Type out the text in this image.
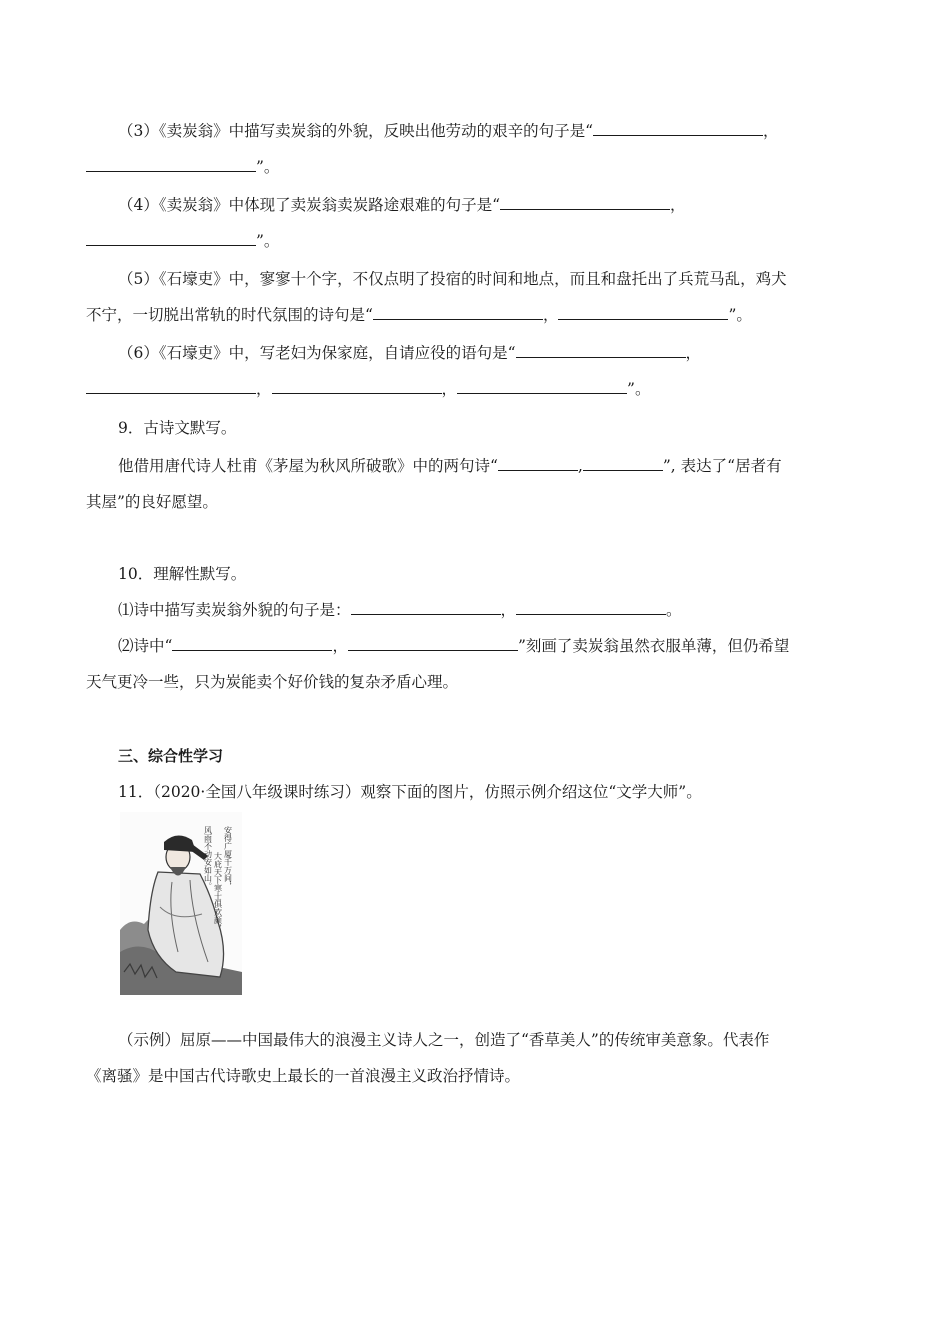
（3）《卖炭翁》中描写卖炭翁的外貌，反映出他劳动的艰辛的句子是“	，
”。
（4）《卖炭翁》中体现了卖炭翁卖炭路途艰难的句子是“	，
”。
（5）《石壕吏》中，寥寥十个字，不仅点明了投宿的时间和地点，而且和盘托出了兵荒马乱，鸡犬
不宁，一切脱出常轨的时代氛围的诗句是“	，	”。
（6）《石壕吏》中，写老妇为保家庭，自请应役的语句是“	，
，	，	”。
9．古诗文默写。
他借用唐代诗人杜甫《茅屋为秋风所破歌》中的两句诗“	,	”, 表达了“居者有
其屋”的良好愿望。
10．理解性默写。
⑴诗中描写卖炭翁外貌的句子是：	，	。
⑵诗中“	，	”刻画了卖炭翁虽然衣服单薄，但仍希望
天气更冷一些，只为炭能卖个好价钱的复杂矛盾心理。
三、综合性学习
11．（2020·全国八年级课时练习）观察下面的图片，仿照示例介绍这位“文学大师”。
安得广厦千万间，
大庇天下寒士俱欢颜，
风雨不动安如山。
（示例）屈原——中国最伟大的浪漫主义诗人之一，创造了“香草美人”的传统审美意象。代表作
《离骚》是中国古代诗歌史上最长的一首浪漫主义政治抒情诗。
